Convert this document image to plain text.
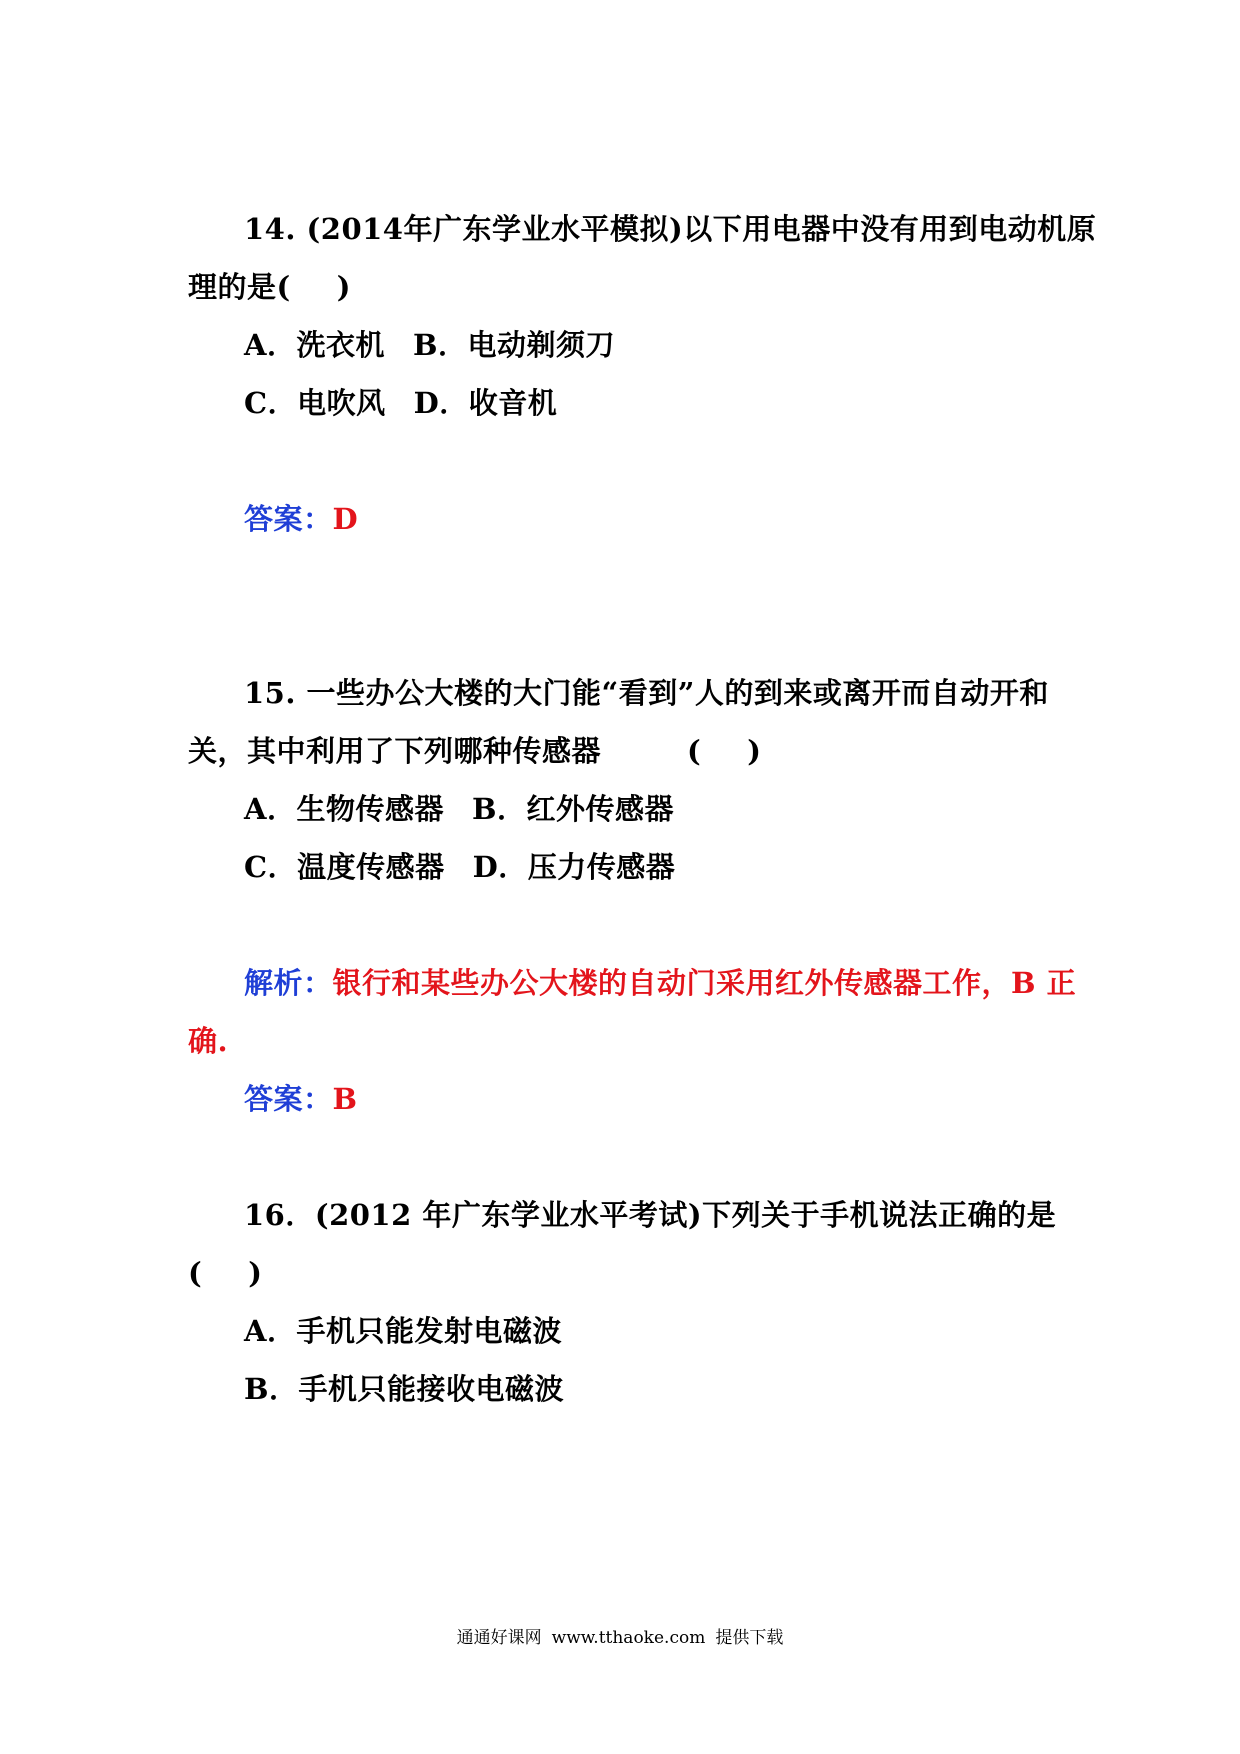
14. (2014年广东学业水平模拟)以下用电器中没有用到电动机原
理的是( )
A．洗衣机 B．电动剃须刀
C．电吹风 D．收音机
答案：D
15. 一些办公大楼的大门能“看到”人的到来或离开而自动开和
关，其中利用了下列哪种传感器	( )
A．生物传感器 B．红外传感器
C．温度传感器 D．压力传感器
解析：银行和某些办公大楼的自动门采用红外传感器工作，B 正
确.
答案：B
16．(2012 年广东学业水平考试)下列关于手机说法正确的是
( )
A．手机只能发射电磁波
B．手机只能接收电磁波
通通好课网 www.tthaoke.com 提供下载
